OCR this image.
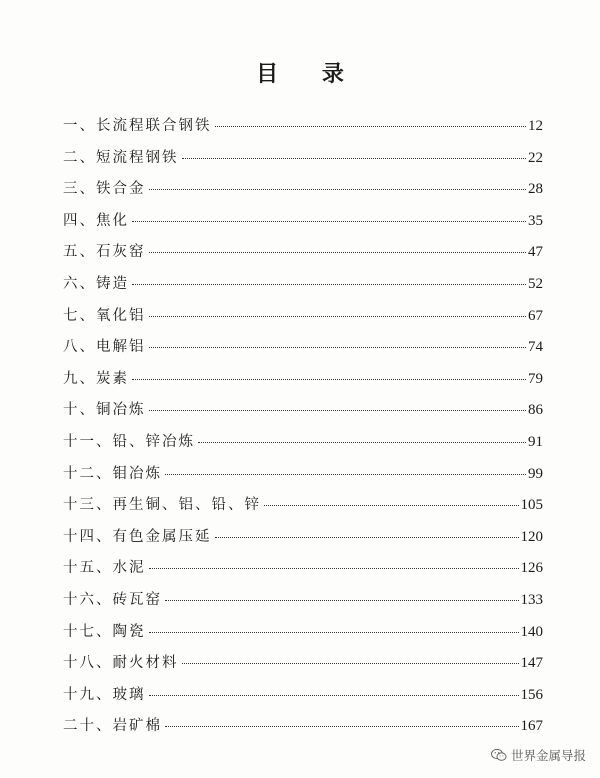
目 录
一、长流程联合钢铁	12
二、短流程钢铁	22
三、铁合金	28
四、焦化	35
五、石灰窑	47
六、铸造	52
七、氧化铝	67
八、电解铝	74
九、炭素	79
十、铜冶炼	86
十一、铅、锌冶炼	91
十二、钼冶炼	99
十三、再生铜、铝、铅、锌	105
十四、有色金属压延	120
十五、水泥	126
十六、砖瓦窑	133
十七、陶瓷	140
十八、耐火材料	147
十九、玻璃	156
二十、岩矿棉	167
世界金属导报
